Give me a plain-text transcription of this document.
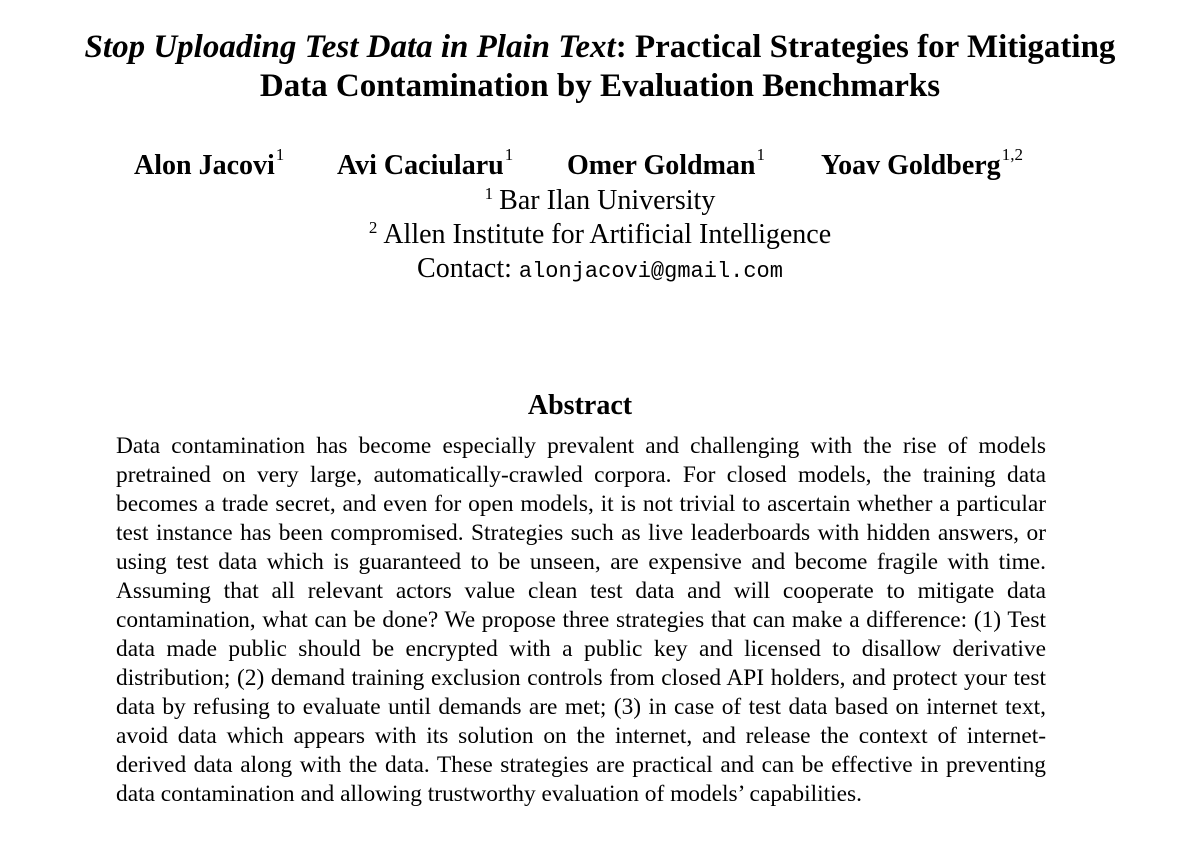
Stop Uploading Test Data in Plain Text: Practical Strategies for Mitigating
Data Contamination by Evaluation Benchmarks
Alon Jacovi$^1$ Avi Caciularu$^1$ Omer Goldman$^1$ Yoav Goldberg$^{1,2}$
$^1$ Bar Ilan University
$^2$ Allen Institute for Artificial Intelligence
Contact: alonjacovi@gmail.com
Abstract

Data contamination has become especially prevalent and challenging with the rise of models pretrained on very large, automatically-crawled corpora. For closed models, the training data becomes a trade secret, and even for open models, it is not trivial to ascertain whether a particular test instance has been compromised. Strategies such as live leaderboards with hidden answers, or using test data which is guaranteed to be unseen, are expensive and become fragile with time. Assuming that all relevant actors value clean test data and will cooperate to mitigate data contamination, what can be done? We propose three strategies that can make a difference: (1) Test data made public should be encrypted with a public key and licensed to disallow derivative distribution; (2) demand training exclusion controls from closed API holders, and protect your test data by refusing to evaluate until demands are met; (3) in case of test data based on internet text, avoid data which appears with its solution on the internet, and release the context of internet-derived data along with the data. These strategies are practical and can be effective in preventing data contamination and allowing trustworthy evaluation of models’ capabilities.
